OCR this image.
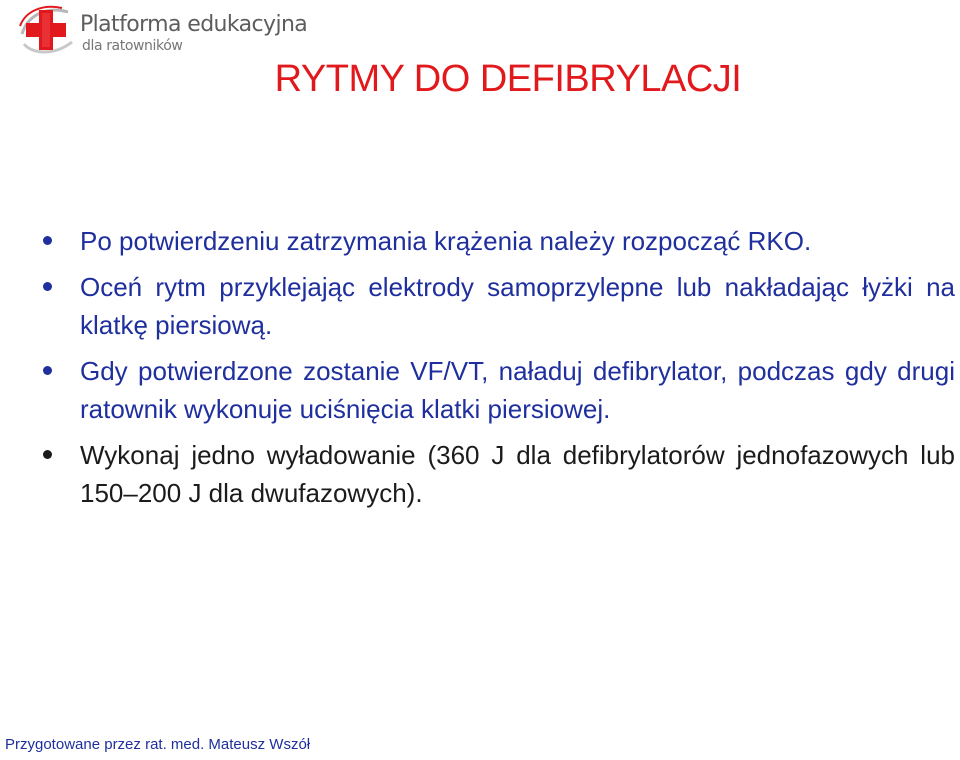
Platforma edukacyjna
dla ratowników
RYTMY DO DEFIBRYLACJI
Po potwierdzeniu zatrzymania krążenia należy rozpocząć RKO.
Oceń rytm przyklejając elektrody samoprzylepne lub nakładając łyżki na klatkę piersiową.
Gdy potwierdzone zostanie VF/VT, naładuj defibrylator, podczas gdy drugi ratownik wykonuje uciśnięcia klatki piersiowej.
Wykonaj jedno wyładowanie (360 J dla defibrylatorów jednofazowych lub 150–200 J dla dwufazowych).
Przygotowane przez rat. med. Mateusz Wszół
